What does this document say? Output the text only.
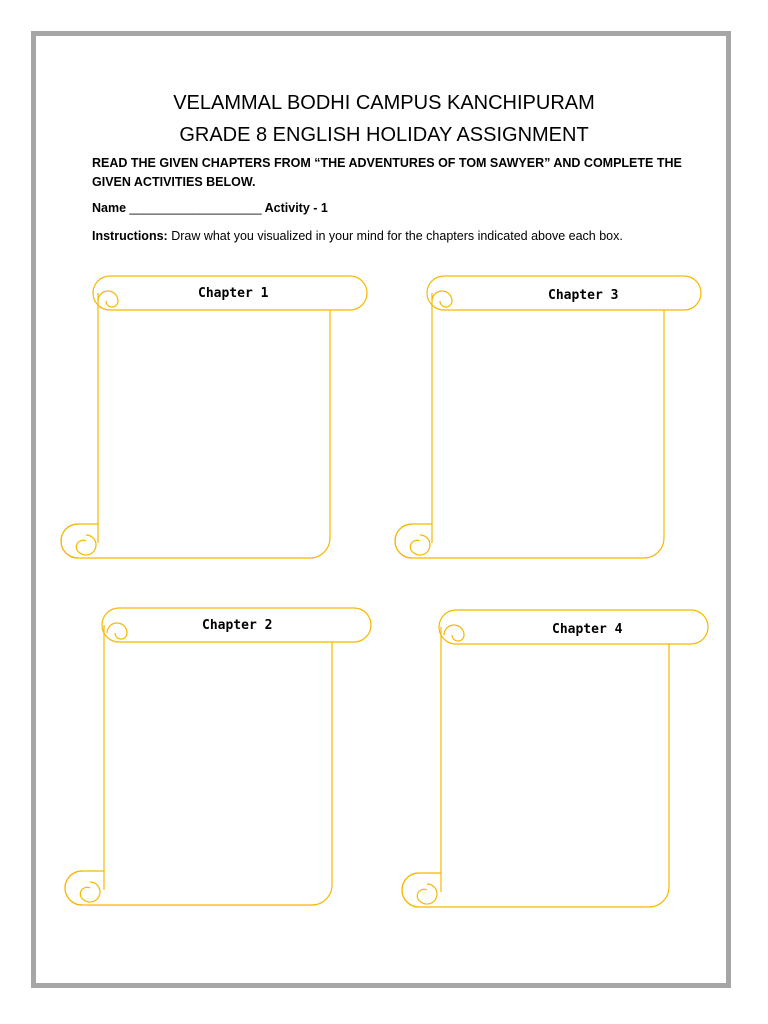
VELAMMAL BODHI CAMPUS KANCHIPURAM
GRADE 8 ENGLISH HOLIDAY ASSIGNMENT
READ THE GIVEN CHAPTERS FROM “THE ADVENTURES OF TOM SAWYER” AND COMPLETE THE GIVEN ACTIVITIES BELOW.
Name ___________________ Activity - 1
Instructions: Draw what you visualized in your mind for the chapters indicated above each box.
Chapter 1	Chapter 3
Chapter 2	Chapter 4
